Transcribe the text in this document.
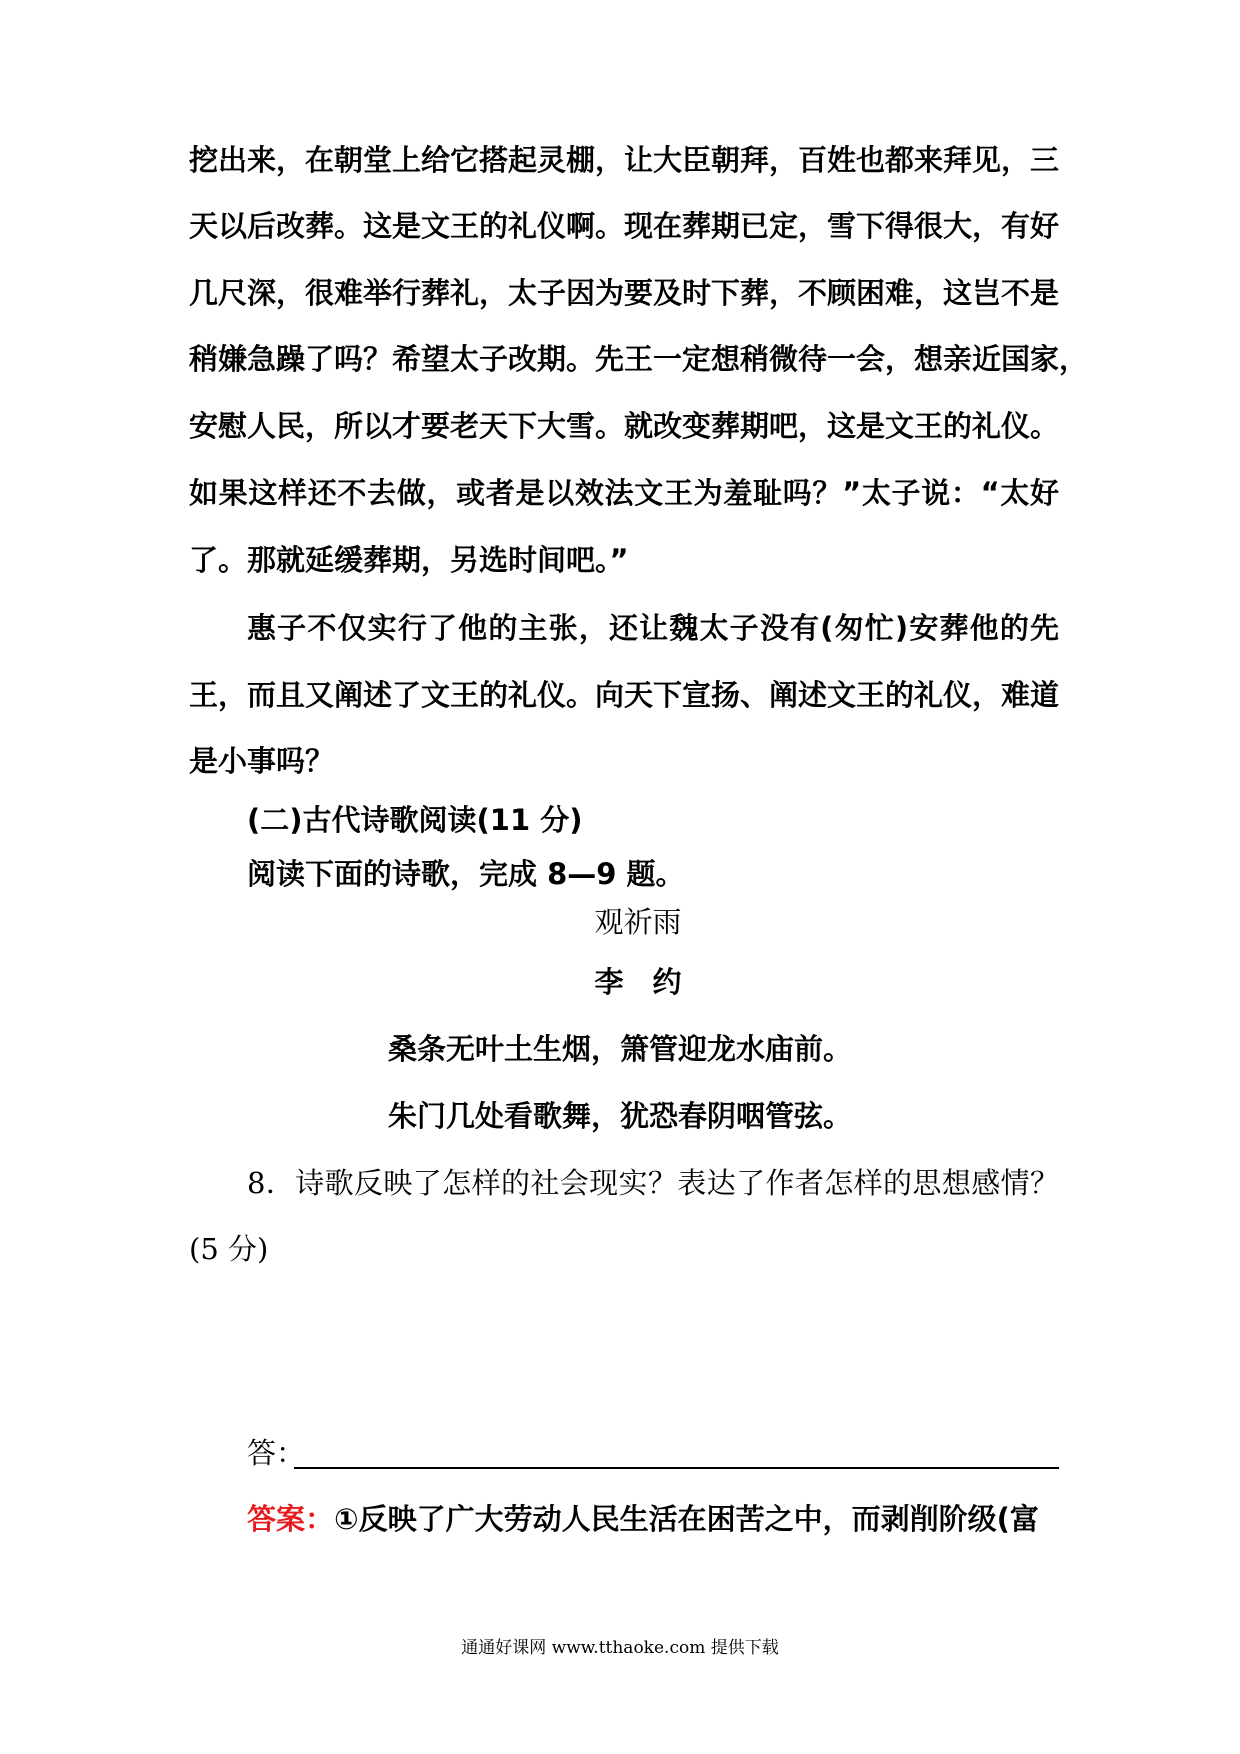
挖出来，在朝堂上给它搭起灵棚，让大臣朝拜，百姓也都来拜见，三
天以后改葬。这是文王的礼仪啊。现在葬期已定，雪下得很大，有好
几尺深，很难举行葬礼，太子因为要及时下葬，不顾困难，这岂不是
稍嫌急躁了吗？希望太子改期。先王一定想稍微待一会，想亲近国家，
安慰人民，所以才要老天下大雪。就改变葬期吧，这是文王的礼仪。
如果这样还不去做，或者是以效法文王为羞耻吗？”太子说：“太好
了。那就延缓葬期，另选时间吧。”
惠子不仅实行了他的主张，还让魏太子没有(匆忙)安葬他的先
王，而且又阐述了文王的礼仪。向天下宣扬、阐述文王的礼仪，难道
是小事吗？
(二)古代诗歌阅读(11 分)
阅读下面的诗歌，完成 8—9 题。
观祈雨
李　约
桑条无叶土生烟，箫管迎龙水庙前。
朱门几处看歌舞，犹恐春阴咽管弦。
8．诗歌反映了怎样的社会现实？表达了作者怎样的思想感情？
(5 分)
答：
答案：①反映了广大劳动人民生活在困苦之中，而剥削阶级(富
通通好课网 www.tthaoke.com 提供下载
